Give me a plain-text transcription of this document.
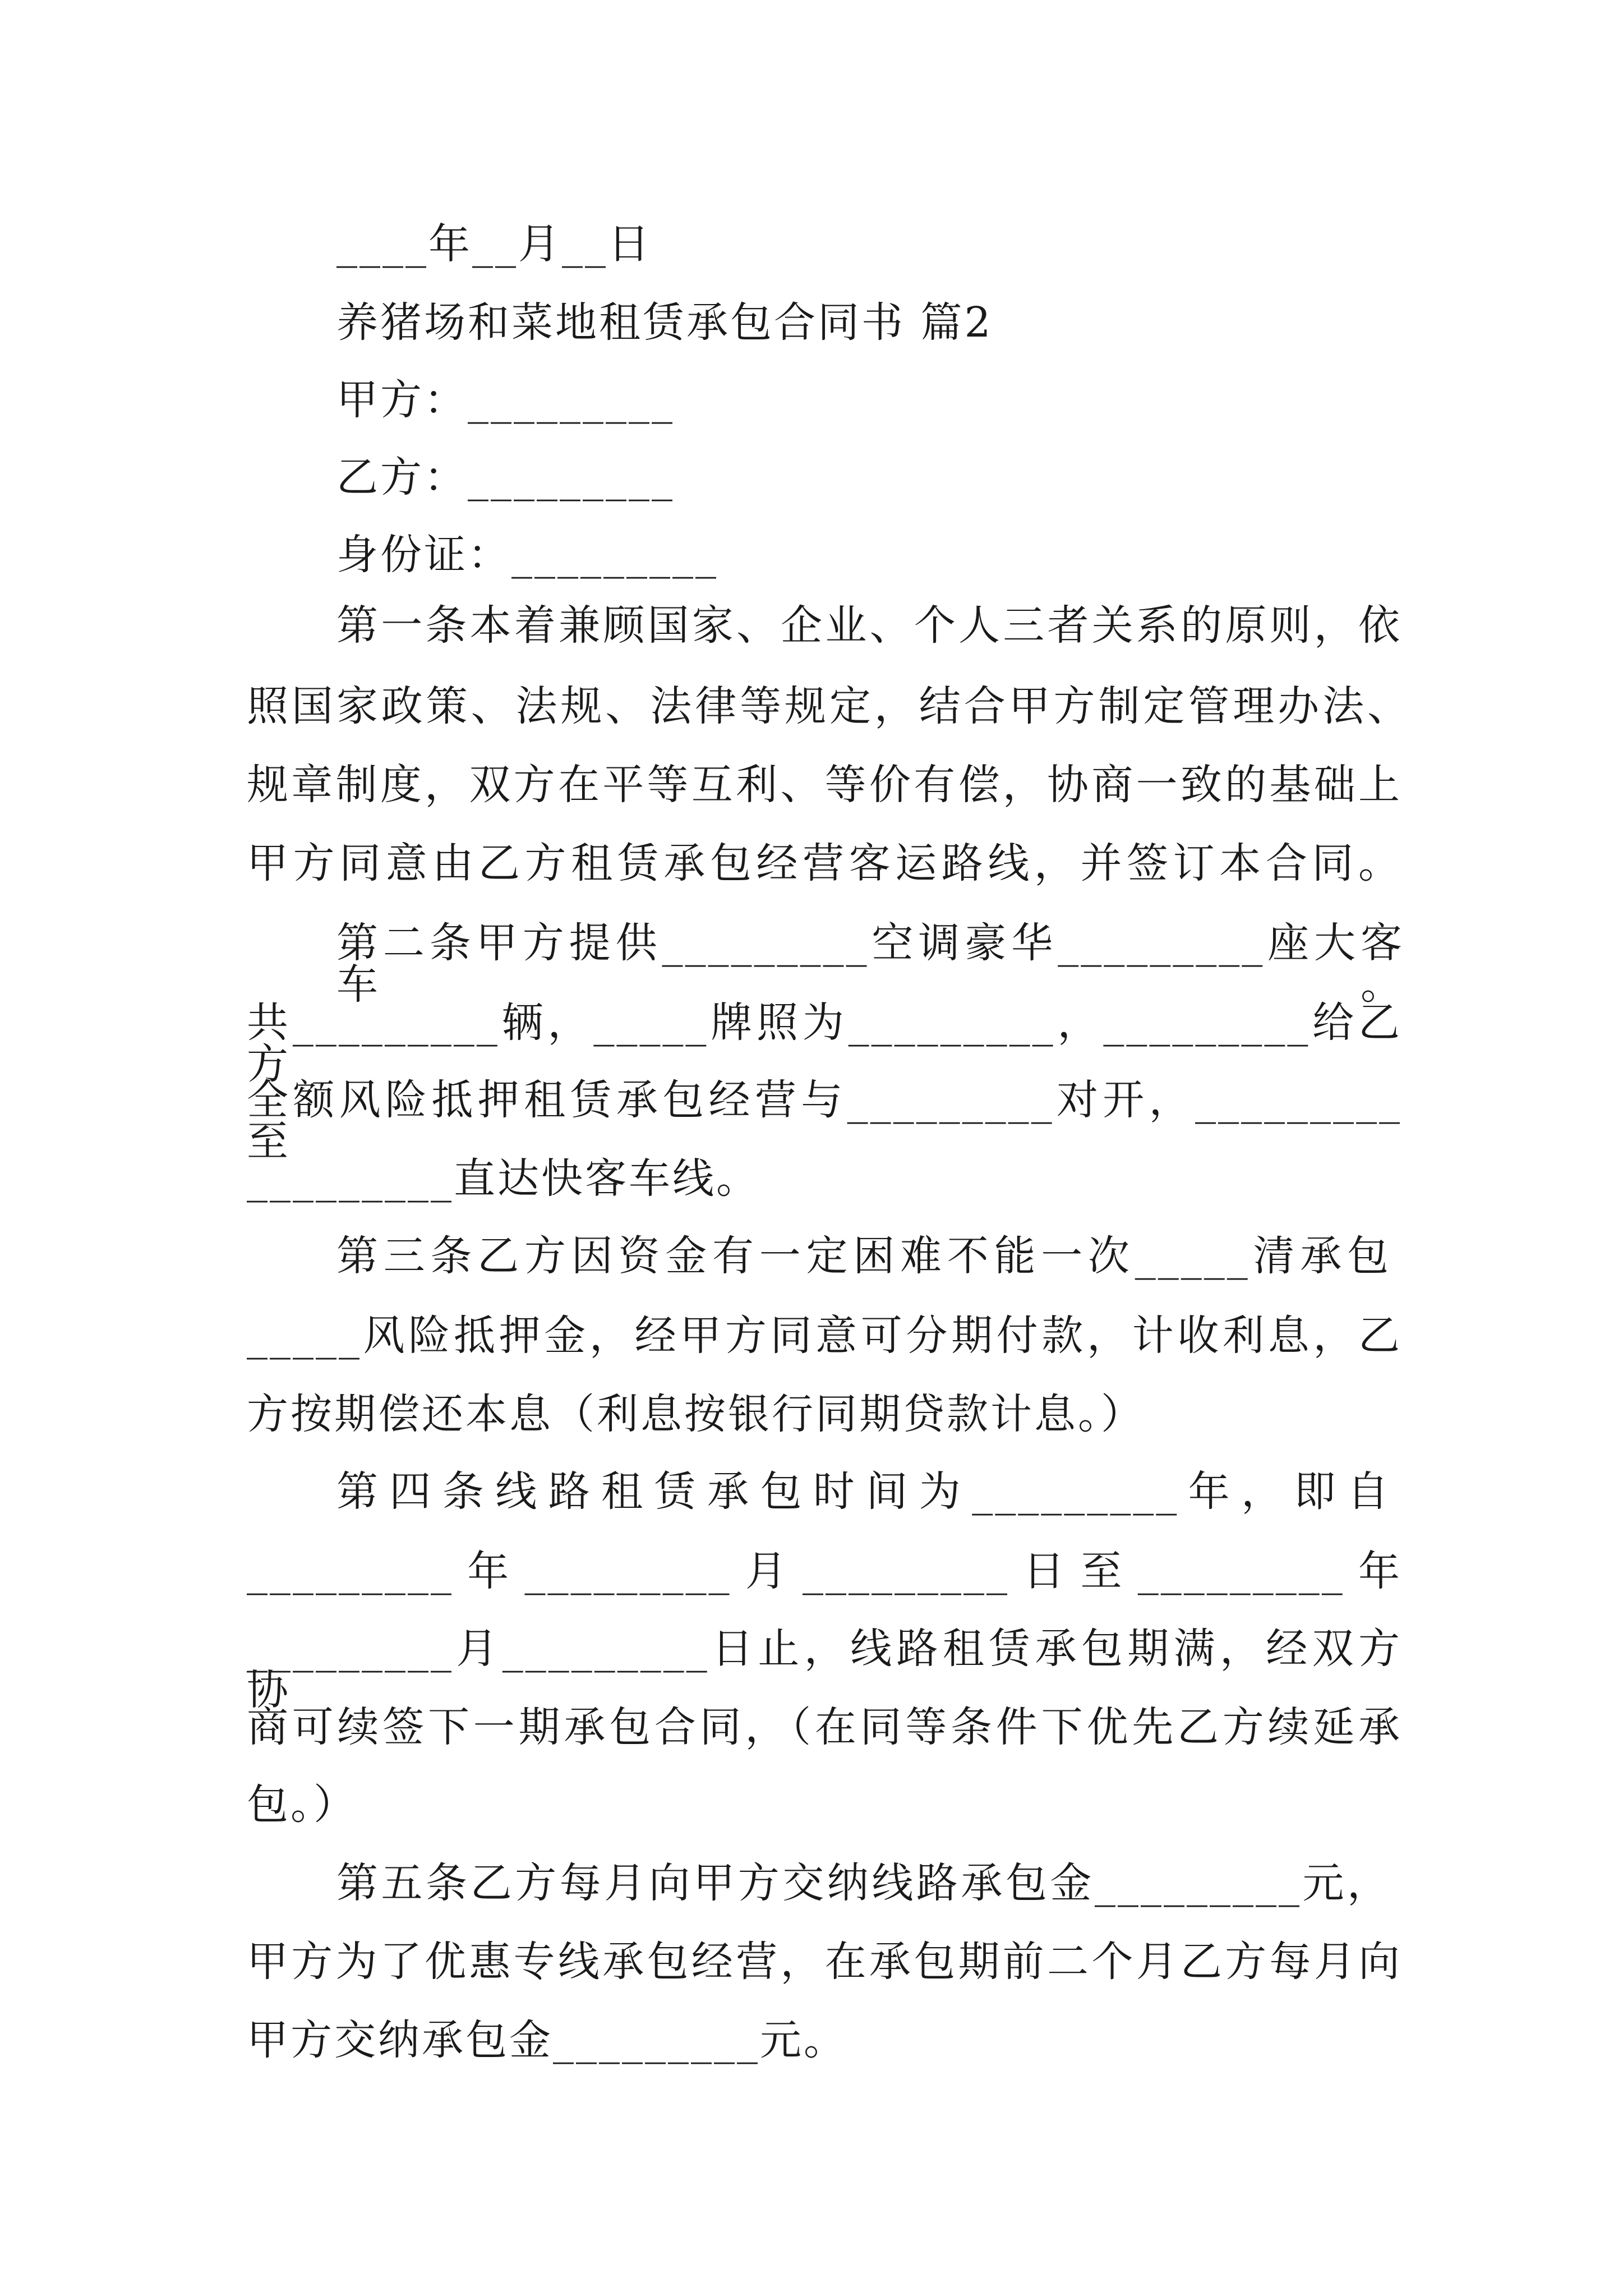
____年__月__日
养猪场和菜地租赁承包合同书 篇2
甲方：_________
乙方：_________
身份证：_________
第一条本着兼顾国家、企业、个人三者关系的原则，依
照国家政策、法规、法律等规定，结合甲方制定管理办法、
规章制度，双方在平等互利、等价有偿，协商一致的基础上
甲方同意由乙方租赁承包经营客运路线，并签订本合同。
第二条甲方提供_________空调豪华_________座大客车。
共_________辆，_____牌照为_________，_________给乙方
全额风险抵押租赁承包经营与_________对开，_________至
_________直达快客车线。
第三条乙方因资金有一定困难不能一次_____清承包
_____风险抵押金，经甲方同意可分期付款，计收利息，乙
方按期偿还本息（利息按银行同期贷款计息。）
第四条线路租赁承包时间为_________年，即自
_________年_________月_________日至_________年
_________月_________日止，线路租赁承包期满，经双方协
商可续签下一期承包合同，（在同等条件下优先乙方续延承
包。）
第五条乙方每月向甲方交纳线路承包金_________元，
甲方为了优惠专线承包经营，在承包期前二个月乙方每月向
甲方交纳承包金_________元。
